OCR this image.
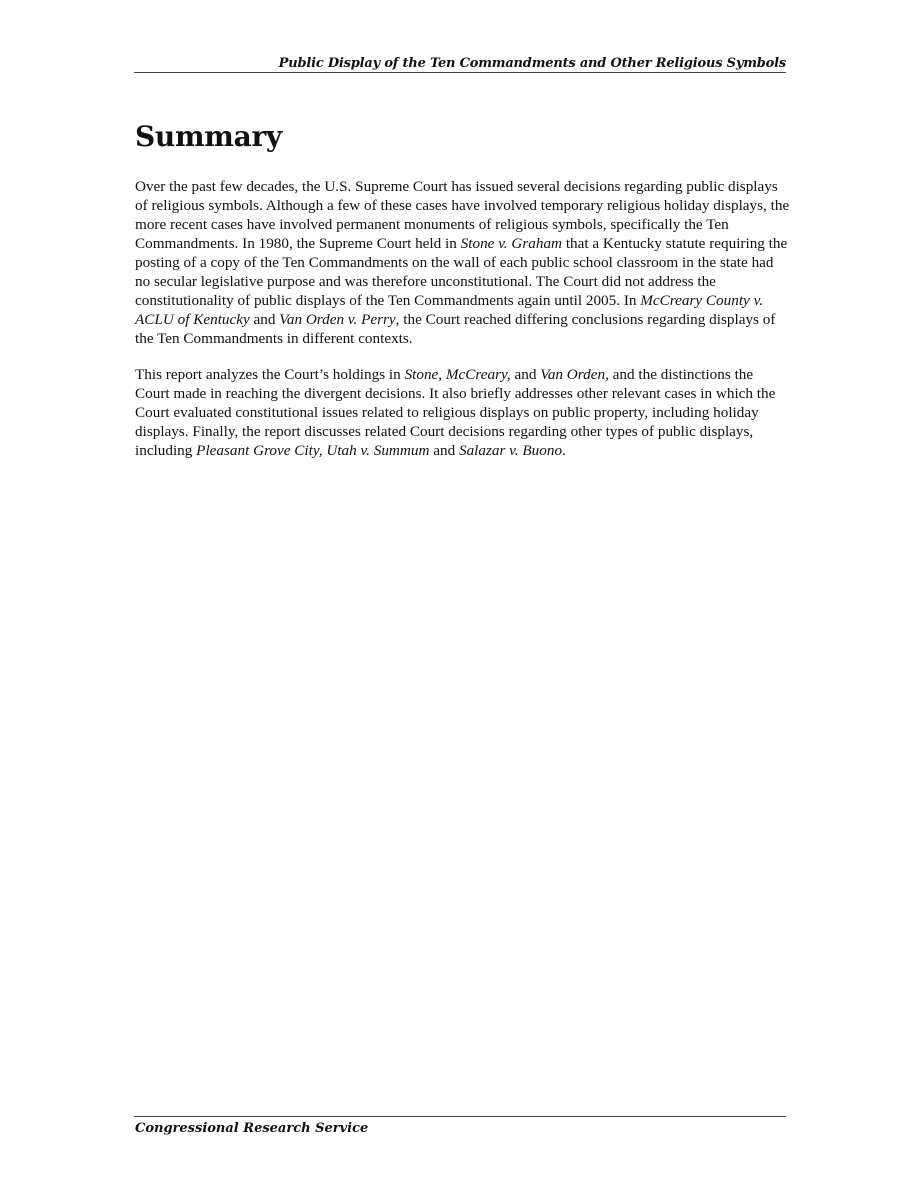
Public Display of the Ten Commandments and Other Religious Symbols
Summary

Over the past few decades, the U.S. Supreme Court has issued several decisions regarding public displays of religious symbols. Although a few of these cases have involved temporary religious holiday displays, the more recent cases have involved permanent monuments of religious symbols, specifically the Ten Commandments. In 1980, the Supreme Court held in Stone v. Graham that a Kentucky statute requiring the posting of a copy of the Ten Commandments on the wall of each public school classroom in the state had no secular legislative purpose and was therefore unconstitutional. The Court did not address the constitutionality of public displays of the Ten Commandments again until 2005. In McCreary County v. ACLU of Kentucky and Van Orden v. Perry, the Court reached differing conclusions regarding displays of the Ten Commandments in different contexts.

This report analyzes the Court’s holdings in Stone, McCreary, and Van Orden, and the distinctions the Court made in reaching the divergent decisions. It also briefly addresses other relevant cases in which the Court evaluated constitutional issues related to religious displays on public property, including holiday displays. Finally, the report discusses related Court decisions regarding other types of public displays, including Pleasant Grove City, Utah v. Summum and Salazar v. Buono.

Congressional Research Service
